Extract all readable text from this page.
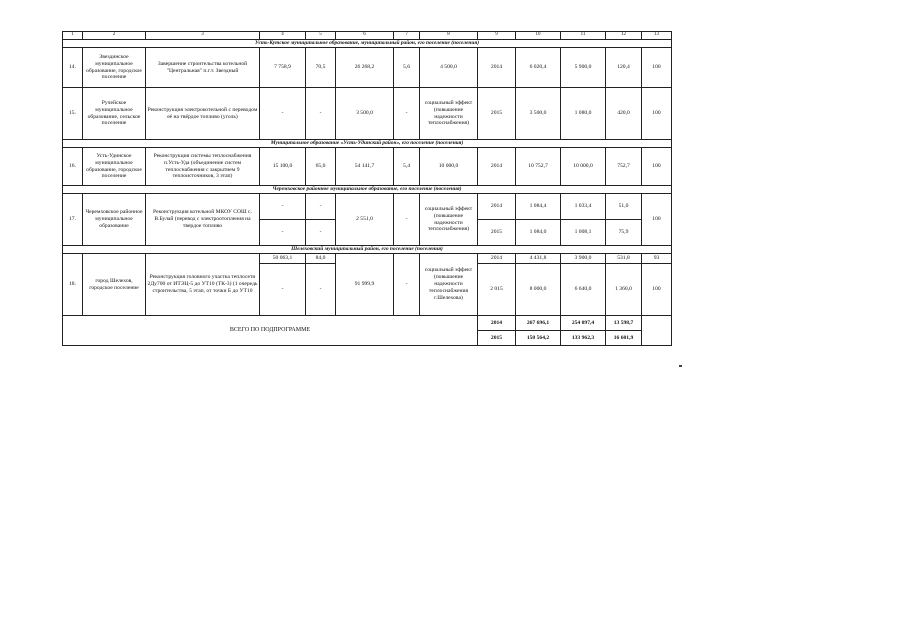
1	2	3	4	5	6	7	8	9	10	11	12	13
Усть-Кутское муниципальное образование, муниципальный район, его поселение (поселения)												
14.	Звездинское муниципальное образование, городское поселение	Завершение строительства котельной "Центральная" п.г.т. Звездный	7 758,9	70,5	26 268,2	5,6	4 500,0	2014	6 020,4	5 900,0	120,4	100
15.	Ручейское муниципальное образование, сельское поселение	Реконструкция электрокотельной с переводом её на твёрдое топливо (уголь)	-	-	3 500,0	-	социальный эффект (повышение надежности теплоснабжения)	2015	3 500,0	1 080,0	420,0	100
Муниципальное образование «Усть-Удинский район», его поселение (поселения)												
16.	Усть-Удинское муниципальное образование, городское поселение	Реконструкция системы теплоснабжения п.Усть-Уда (объединение систем теплоснабжения с закрытием 9 теплоисточников, 3 этап)	15 100,0	65,0	54 141,7	5,4	10 000,0	2014	10 752,7	10 000,0	752,7	100
Черемховское районное муниципальное образование, его поселение (поселения)												
17.	Черемховское районное муниципальное образование	Реконструкция котельной МКОУ СОШ с. В.Булай (перевод с электроотопления на твердое топливо	-	-	2 551,0	-	социальный эффект (повышение надежности теплоснабжения)	2014	1 084,4	1 033,4	51,0	100
			-	-				2015	1 084,0	1 008,1	75,9	
Шелеховский муниципальный район, его поселение (поселения)												
18.	город Шелехов, городское поселение	Реконструкция головного участка теплосети 2Ду700 от ИТЭЦ-5 до УТ10 (ТК-3) (1 очередь строительства, 5 этап, от точки Б до УТ10	50 063,1	84,0	91 999,9	-	социальный эффект (повышение надежности теплоснабжения г.Шелехова)	2014	4 431,8	3 900,0	531,8	93
			-	-				2 015	8 000,0	6 640,0	1 360,0	100
ВСЕГО ПО ПОДПРОГРАММЕ								2014	267 696,1	254 097,4	13 598,7	
								2015	150 564,2	133 962,3	16 601,9	
